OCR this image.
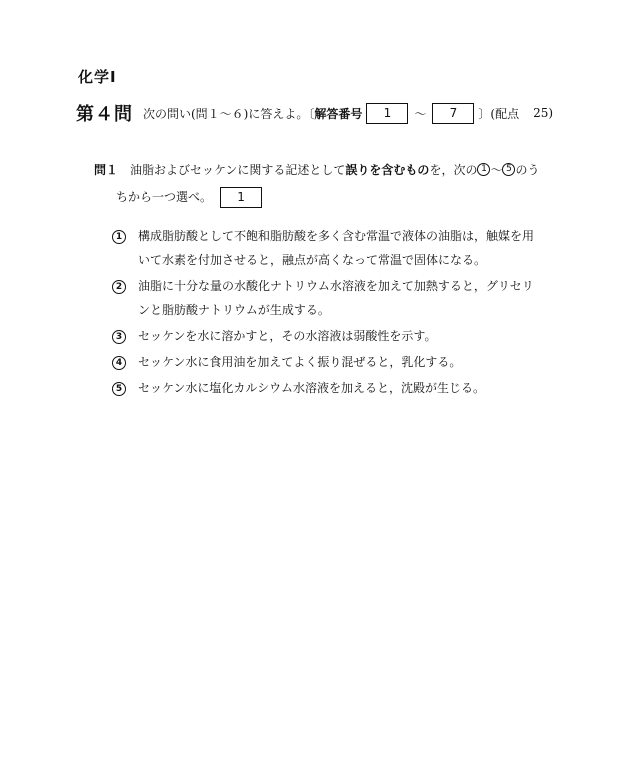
化学Ⅰ
第４問 次の問い(問１～６)に答えよ。〔 解答番号	1	～	7	〕(配点 25)
問１ 油脂およびセッケンに関する記述として誤りを含むものを，次の 1 ～ 5 のう
ちから一つ選べ。	1
1	構成脂肪酸として不飽和脂肪酸を多く含む常温で液体の油脂は，触媒を用
いて水素を付加させると，融点が高くなって常温で固体になる。
2	油脂に十分な量の水酸化ナトリウム水溶液を加えて加熱すると，グリセリ
ンと脂肪酸ナトリウムが生成する。
3	セッケンを水に溶かすと，その水溶液は弱酸性を示す。
4	セッケン水に食用油を加えてよく振り混ぜると，乳化する。
5	セッケン水に塩化カルシウム水溶液を加えると，沈殿が生じる。
